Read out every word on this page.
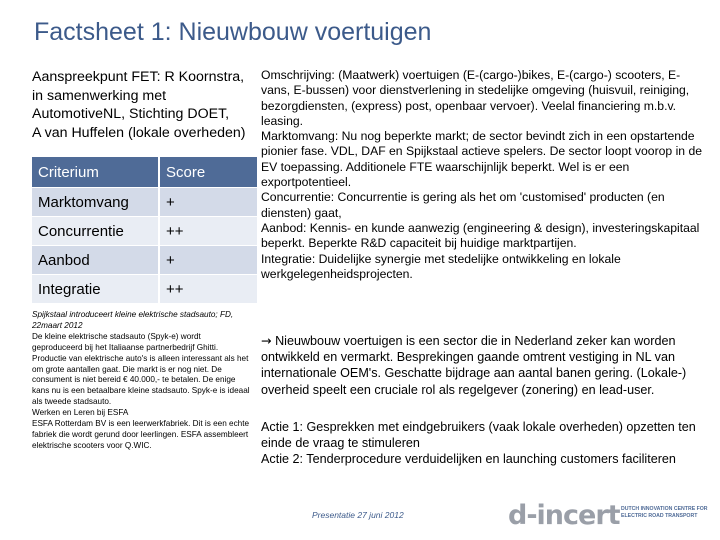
Factsheet 1: Nieuwbouw voertuigen
Aanspreekpunt FET: R Koornstra,
in samenwerking met
AutomotiveNL, Stichting DOET,
A van Huffelen (lokale overheden)
Criterium	Score
Marktomvang	+
Concurrentie	++
Aanbod	+
Integratie	++

Spijkstaal introduceert kleine elektrische stadsauto; FD, 22maart 2012

De kleine elektrische stadsauto (Spyk-e) wordt geproduceerd bij het Italiaanse partnerbedrijf Ghitti. Productie van elektrische auto's is alleen interessant als het om grote aantallen gaat. Die markt is er nog niet. De consument is niet bereid € 40.000,- te betalen. De enige kans nu is een betaalbare kleine stadsauto. Spyk-e is ideaal als tweede stadsauto.

Werken en Leren bij ESFA

ESFA Rotterdam BV is een leerwerkfabriek. Dit is een echte fabriek die wordt gerund door leerlingen. ESFA assembleert elektrische scooters voor Q.WIC.

Omschrijving: (Maatwerk) voertuigen (E-(cargo-)bikes, E-(cargo-) scooters, E-vans, E-bussen) voor dienstverlening in stedelijke omgeving (huisvuil, reiniging, bezorgdiensten, (express) post, openbaar vervoer). Veelal financiering m.b.v. leasing.

Marktomvang: Nu nog beperkte markt; de sector bevindt zich in een opstartende pionier fase. VDL, DAF en Spijkstaal actieve spelers. De sector loopt voorop in de EV toepassing. Additionele FTE waarschijnlijk beperkt. Wel is er een exportpotentieel.

Concurrentie: Concurrentie is gering als het om 'customised' producten (en diensten) gaat,

Aanbod: Kennis- en kunde aanwezig (engineering & design), investeringskapitaal beperkt. Beperkte R&D capaciteit bij huidige marktpartijen.

Integratie: Duidelijke synergie met stedelijke ontwikkeling en lokale werkgelegenheidsprojecten.

→ Nieuwbouw voertuigen is een sector die in Nederland zeker kan worden ontwikkeld en vermarkt. Besprekingen gaande omtrent vestiging in NL van internationale OEM's. Geschatte bijdrage aan aantal banen gering. (Lokale-) overheid speelt een cruciale rol als regelgever (zonering) en lead-user.

Actie 1: Gesprekken met eindgebruikers (vaak lokale overheden) opzetten ten einde de vraag te stimuleren

Actie 2: Tenderprocedure verduidelijken en launching customers faciliteren

Presentatie 27 juni 2012	d-incert DUTCH INNOVATION CENTRE FOR ELECTRIC ROAD TRANSPORT
